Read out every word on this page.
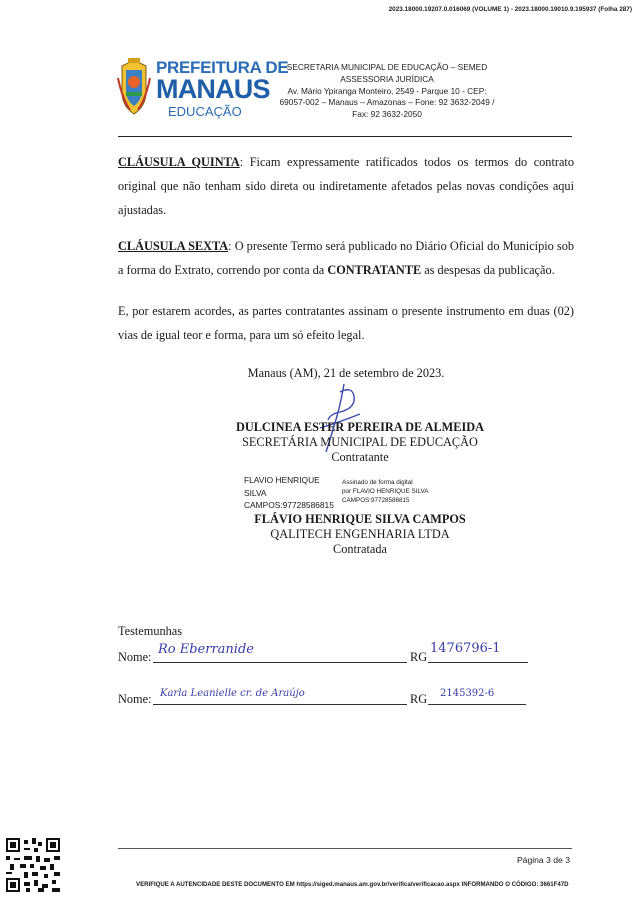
2023.18000.19207.0.016069 (VOLUME 1) - 2023.18000.19010.9.195937 (Folha 287)
PREFEITURA DE
MANAUS
EDUCAÇÃO
SECRETARIA MUNICIPAL DE EDUCAÇÃO – SEMED
ASSESSORIA JURÍDICA
Av. Mário Ypiranga Monteiro, 2549 - Parque 10 - CEP:
69057-002 – Manaus – Amazonas – Fone: 92 3632-2049 /
Fax: 92 3632-2050
CLÁUSULA QUINTA: Ficam expressamente ratificados todos os termos do contrato original que não tenham sido direta ou indiretamente afetados pelas novas condições aqui ajustadas.
CLÁUSULA SEXTA: O presente Termo será publicado no Diário Oficial do Município sob a forma do Extrato, correndo por conta da CONTRATANTE as despesas da publicação.
E, por estarem acordes, as partes contratantes assinam o presente instrumento em duas (02) vias de igual teor e forma, para um só efeito legal.
Manaus (AM), 21 de setembro de 2023.
DULCINEA ESTER PEREIRA DE ALMEIDA
SECRETÁRIA MUNICIPAL DE EDUCAÇÃO
Contratante
FLAVIO HENRIQUE
SILVA
CAMPOS:97728586815
Assinado de forma digital
por FLAVIO HENRIQUE SILVA
CAMPOS:97728586815
FLÁVIO HENRIQUE SILVA CAMPOS
QALITECH ENGENHARIA LTDA
Contratada
Testemunhas
Nome: Ro Eberranide	RG
1476796-1
Nome: Karla Leanielle cr. de Araújo	RG 2145392-6
Página 3 de 3
VERIFIQUE A AUTENCIDADE DESTE DOCUMENTO EM https://siged.manaus.am.gov.br/verifica/verificacao.aspx INFORMANDO O CÓDIGO: 3661F47D
